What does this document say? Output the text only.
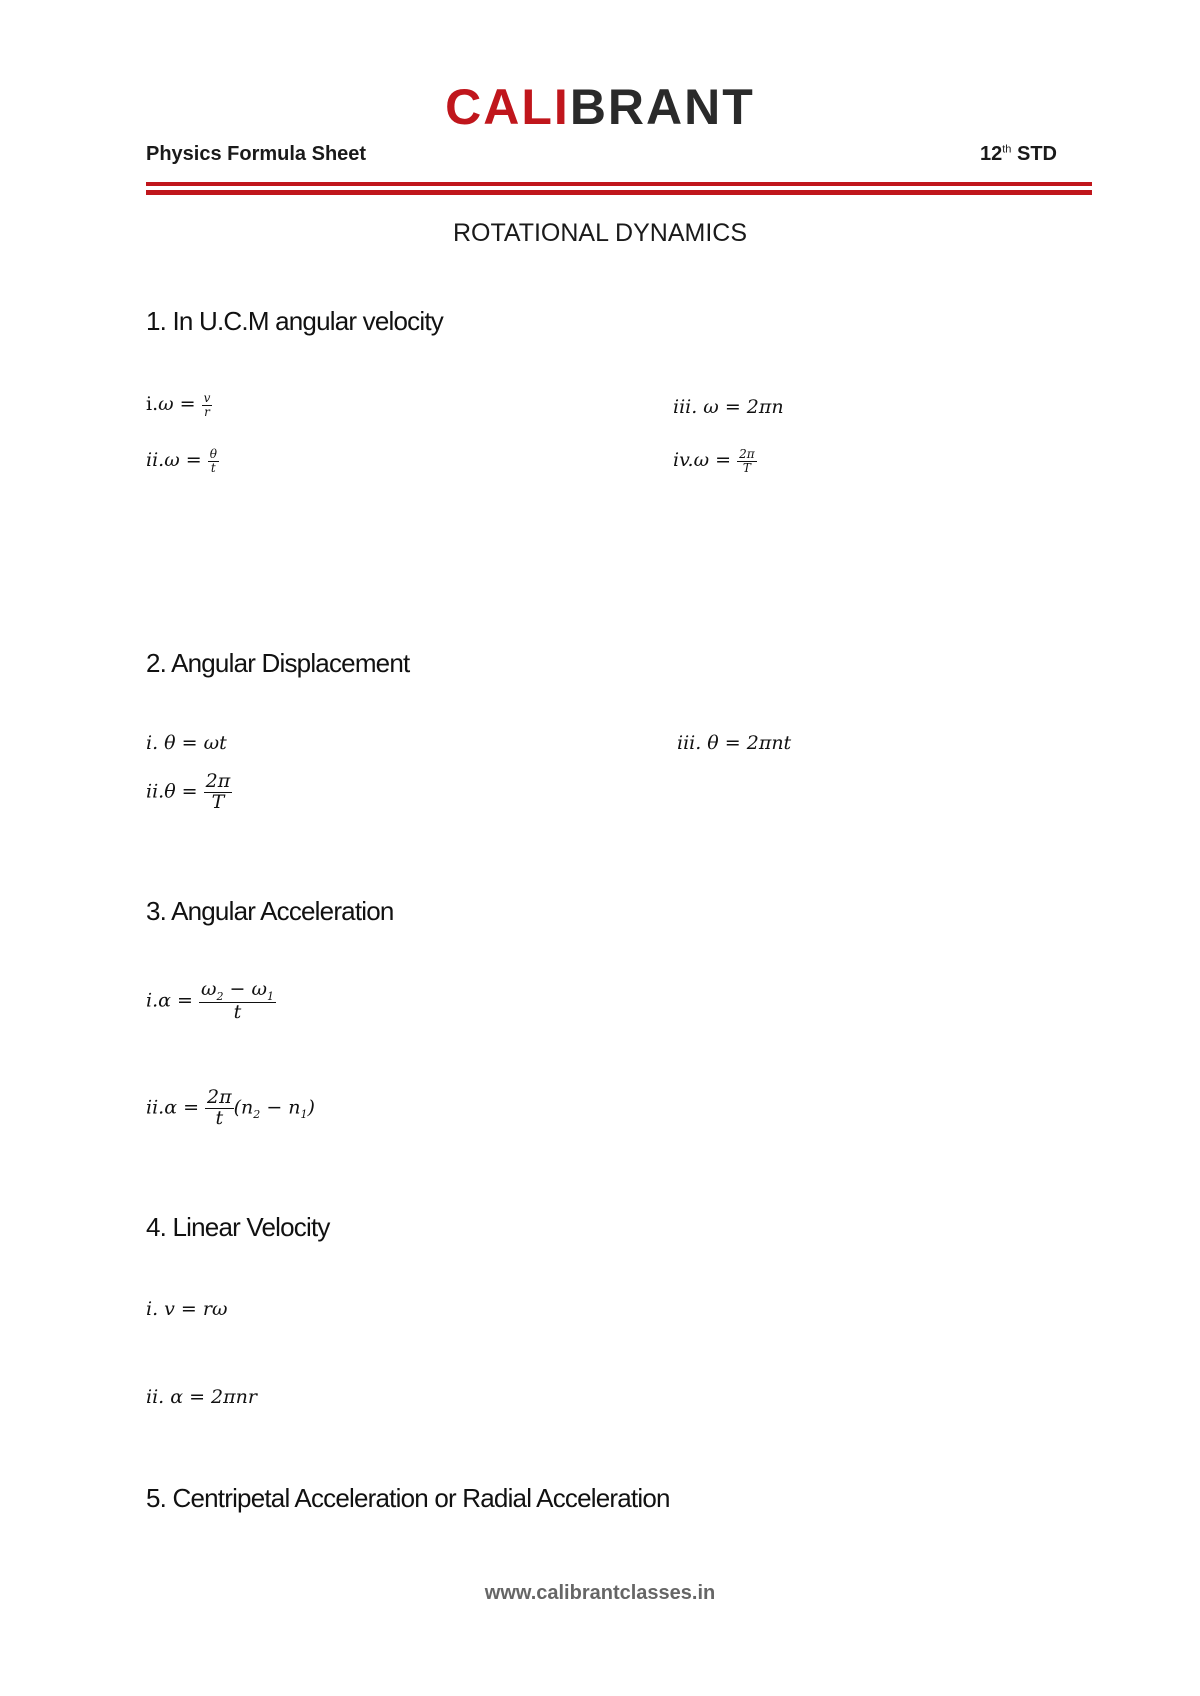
CALIBRANT
Physics Formula Sheet	12th STD
ROTATIONAL DYNAMICS
1. In U.C.M angular velocity
$i.\omega = \frac{v}{r}$
$ii.\omega = \frac{\theta}{t}$
iii. ω = 2πn
$iv.\omega = \frac{2\pi}{T}$
2. Angular Displacement
i. θ = ωt
$ii.\theta = \frac{2\pi}{T}$
iii. θ = 2πnt
3. Angular Acceleration
$i.\alpha = \frac{\omega_2 - \omega_1}{t}$
$ii.\alpha = \frac{2\pi}{t} (n_2 - n_1)$
4. Linear Velocity
i. v = rω
ii. α = 2πnr
5. Centripetal Acceleration or Radial Acceleration
www.calibrantclasses.in
